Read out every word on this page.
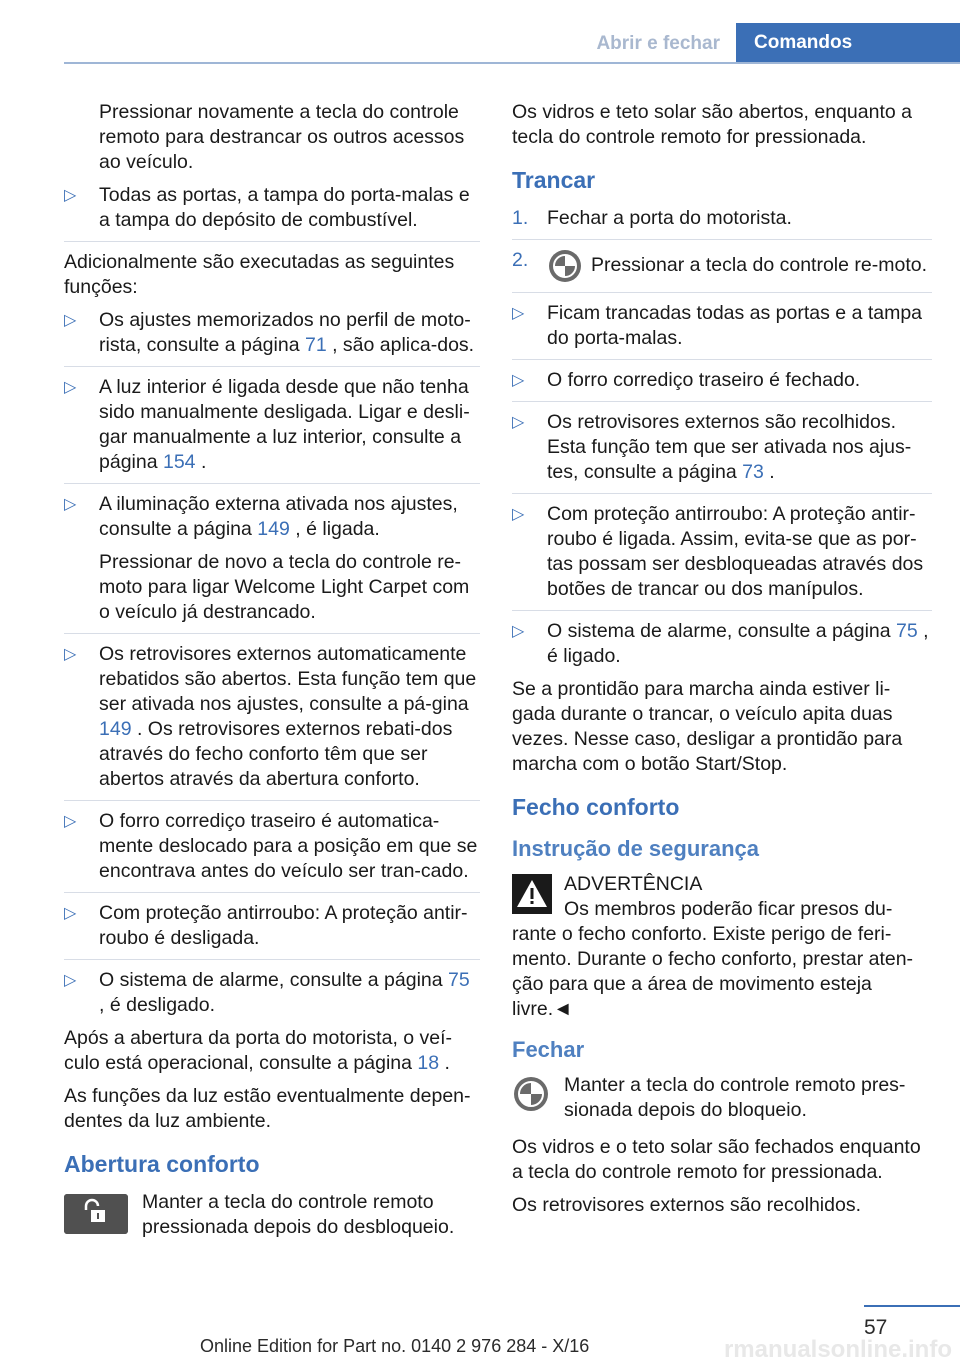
Abrir e fechar	Comandos

Pressionar novamente a tecla do controle remoto para destrancar os outros acessos ao veículo.

▷ Todas as portas, a tampa do porta-malas e a tampa do depósito de combustível.

Adicionalmente são executadas as seguintes funções:

▷ Os ajustes memorizados no perfil de moto-rista, consulte a página 71 , são aplica-dos.
▷ A luz interior é ligada desde que não tenha sido manualmente desligada. Ligar e desli-gar manualmente a luz interior, consulte a página 154 .
▷ A iluminação externa ativada nos ajustes, consulte a página 149 , é ligada.
Pressionar de novo a tecla do controle re-moto para ligar Welcome Light Carpet com o veículo já destrancado.
▷ Os retrovisores externos automaticamente rebatidos são abertos. Esta função tem que ser ativada nos ajustes, consulte a pá-gina 149 . Os retrovisores externos rebati-dos através do fecho conforto têm que ser abertos através da abertura conforto.
▷ O forro corrediço traseiro é automatica-mente deslocado para a posição em que se encontrava antes do veículo ser tran-cado.
▷ Com proteção antirroubo: A proteção antir-roubo é desligada.
▷ O sistema de alarme, consulte a página 75 , é desligado.

Após a abertura da porta do motorista, o veí-culo está operacional, consulte a página 18 .

As funções da luz estão eventualmente depen-dentes da luz ambiente.

Abertura conforto
Manter a tecla do controle remoto pressionada depois do desbloqueio.

Os vidros e teto solar são abertos, enquanto a tecla do controle remoto for pressionada.

Trancar
1. Fechar a porta do motorista.
2.	Pressionar a tecla do controle re-moto.
▷ Ficam trancadas todas as portas e a tampa do porta-malas.
▷ O forro corrediço traseiro é fechado.
▷ Os retrovisores externos são recolhidos. Esta função tem que ser ativada nos ajus-tes, consulte a página 73 .
▷ Com proteção antirroubo: A proteção antir-roubo é ligada. Assim, evita-se que as por-tas possam ser desbloqueadas através dos botões de trancar ou dos manípulos.
▷ O sistema de alarme, consulte a página 75 , é ligado.

Se a prontidão para marcha ainda estiver li-gada durante o trancar, o veículo apita duas vezes. Nesse caso, desligar a prontidão para marcha com o botão Start/Stop.

Fecho conforto
Instrução de segurança
ADVERTÊNCIA
Os membros poderão ficar presos du-rante o fecho conforto. Existe perigo de feri-mento. Durante o fecho conforto, prestar aten-ção para que a área de movimento esteja livre.◄
Fechar
Manter a tecla do controle remoto pres-sionada depois do bloqueio.

Os vidros e o teto solar são fechados enquanto a tecla do controle remoto for pressionada.

Os retrovisores externos são recolhidos.

57
Online Edition for Part no. 0140 2 976 284 - X/16	rmanualsonline.info
